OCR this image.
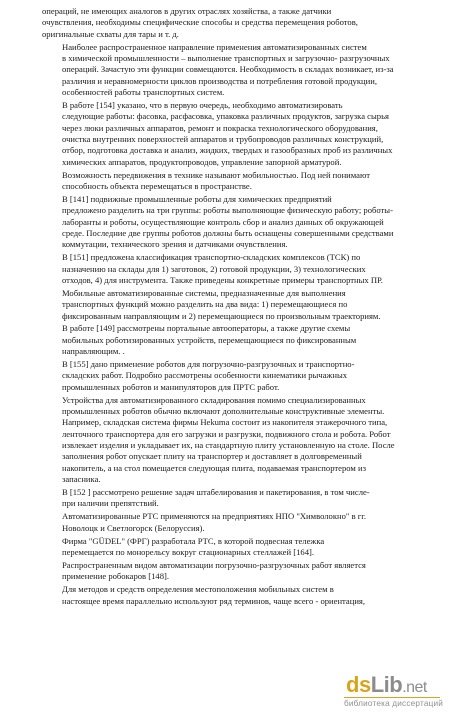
операций, не имеющих аналогов в других отраслях хозяйства, а также датчики
очувствления, необходимы специфические способы и средства перемещения роботов,
оригинальные схваты для тары и т. д.

Наиболее распространенное направление применения автоматизированных систем
в химической промышленности – выполнение транспортных и загрузочно- разгрузочных
операций. Зачастую эти функции совмещаются. Необходимость в складах возникает, из-за
различия и неравномерности циклов производства и потребления готовой продукции,
особенностей работы транспортных систем.

В работе [154] указано, что в первую очередь, необходимо автоматизировать
следующие работы: фасовка, расфасовка, упаковка различных продуктов, загрузка сырья
через люки различных аппаратов, ремонт и покраска технологического оборудования,
очистка внутренних поверхностей аппаратов и трубопроводов различных конструкций,
отбор, подготовка доставка и анализ, жидких, твердых и газообразных проб из различных
химических аппаратов, продуктопроводов, управление запорной арматурой.

Возможность передвижения в технике называют мобильностью. Под ней понимают
способность объекта перемещаться в пространстве.

В [141] подвижные промышленные роботы для химических предприятий
предложено разделить на три группы: роботы выполняющие физическую работу; роботы-
лаборанты и роботы, осуществляющие контроль сбор и анализ данных об окружающей
среде. Последние две группы роботов должны быть оснащены совершенными средствами
коммутации, технического зрения и датчиками очувствления.

В [151] предложена классификация транспортно-складских комплексов (ТСК) по
назначению на склады для 1) заготовок, 2) готовой продукции, 3) технологических
отходов, 4) для инструмента. Также приведены конкретные примеры транспортных ПР.

Мобильные автоматизированные системы, предназначенные для выполнения
транспортных функций можно разделить на два вида: 1) перемещающиеся по
фиксированным направляющим и 2) перемещающиеся по произвольным траекториям.

В работе [149] рассмотрены портальные автооператоры, а также другие схемы
мобильных роботизированных устройств, перемещающиеся по фиксированным
направляющим. .

В [155] дано применение роботов для погрузочно-разгрузочных и транспортно-
складских работ. Подробно рассмотрены особенности кинематики рычажных
промышленных роботов и манипуляторов для ПРТС работ.

Устройства для автоматизированного складирования помимо специализированных
промышленных роботов обычно включают дополнительные конструктивные элементы.
Например, складская система фирмы Hekuma состоит из накопителя этажерочного типа,
ленточного транспортера для его загрузки и разгрузки, подвижного стола и робота. Робот
извлекает изделия и укладывает их, на стандартную плиту установленную на столе. После
заполнения робот опускает плиту на транспортер и доставляет в долговременный
накопитель, а на стол помещается следующая плита, подаваемая транспортером из
запасника.

В [152 ] рассмотрено решение задач штабелирования и пакетирования, в том числе-
при наличии препятствий.

Автоматизированные РТС применяются на предприятиях НПО "Химволокно" в гг.
Новолоцк и Светлогорск (Белоруссия).

Фирма "GÜDEL" (ФРГ) разработала РТС, в которой подвесная тележка
перемещается по монорельсу вокруг стационарных стеллажей [164].

Распространенным видом автоматизации погрузочно-разгрузочных работ является
применение робокаров [148].

Для методов и средств определения местоположения мобильных систем в
настоящее время параллельно используют ряд терминов, чаще всего - ориентация,

dsLib.net
библиотека диссертаций
